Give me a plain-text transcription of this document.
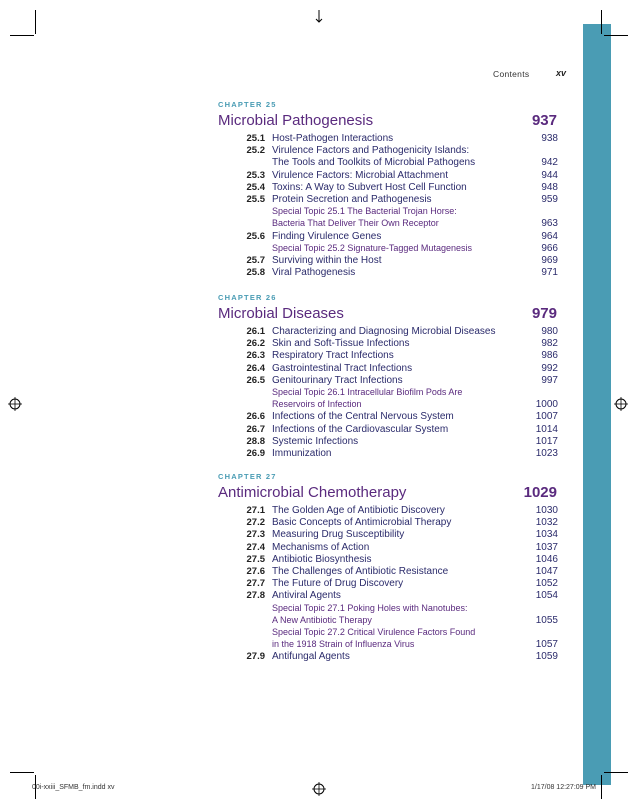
Contents	xv
CHAPTER 25
Microbial Pathogenesis	937
25.1 Host-Pathogen Interactions	938
25.2 Virulence Factors and Pathogenicity Islands:
The Tools and Toolkits of Microbial Pathogens	942
25.3 Virulence Factors: Microbial Attachment	944
25.4 Toxins: A Way to Subvert Host Cell Function	948
25.5 Protein Secretion and Pathogenesis	959
Special Topic 25.1 The Bacterial Trojan Horse:
Bacteria That Deliver Their Own Receptor	963
25.6 Finding Virulence Genes	964
Special Topic 25.2 Signature-Tagged Mutagenesis	966
25.7 Surviving within the Host	969
25.8 Viral Pathogenesis	971
CHAPTER 26
Microbial Diseases	979
26.1 Characterizing and Diagnosing Microbial Diseases	980
26.2 Skin and Soft-Tissue Infections	982
26.3 Respiratory Tract Infections	986
26.4 Gastrointestinal Tract Infections	992
26.5 Genitourinary Tract Infections	997
Special Topic 26.1 Intracellular Biofilm Pods Are
Reservoirs of Infection	1000
26.6 Infections of the Central Nervous System	1007
26.7 Infections of the Cardiovascular System	1014
28.8 Systemic Infections	1017
26.9 Immunization	1023
CHAPTER 27
Antimicrobial Chemotherapy	1029
27.1 The Golden Age of Antibiotic Discovery	1030
27.2 Basic Concepts of Antimicrobial Therapy	1032
27.3 Measuring Drug Susceptibility	1034
27.4 Mechanisms of Action	1037
27.5 Antibiotic Biosynthesis	1046
27.6 The Challenges of Antibiotic Resistance	1047
27.7 The Future of Drug Discovery	1052
27.8 Antiviral Agents	1054
Special Topic 27.1 Poking Holes with Nanotubes:
A New Antibiotic Therapy	1055
Special Topic 27.2 Critical Virulence Factors Found
in the 1918 Strain of Influenza Virus	1057
27.9 Antifungal Agents	1059
00i-xxiii_SFMB_fm.indd xv	1/17/08 12:27:09 PM
